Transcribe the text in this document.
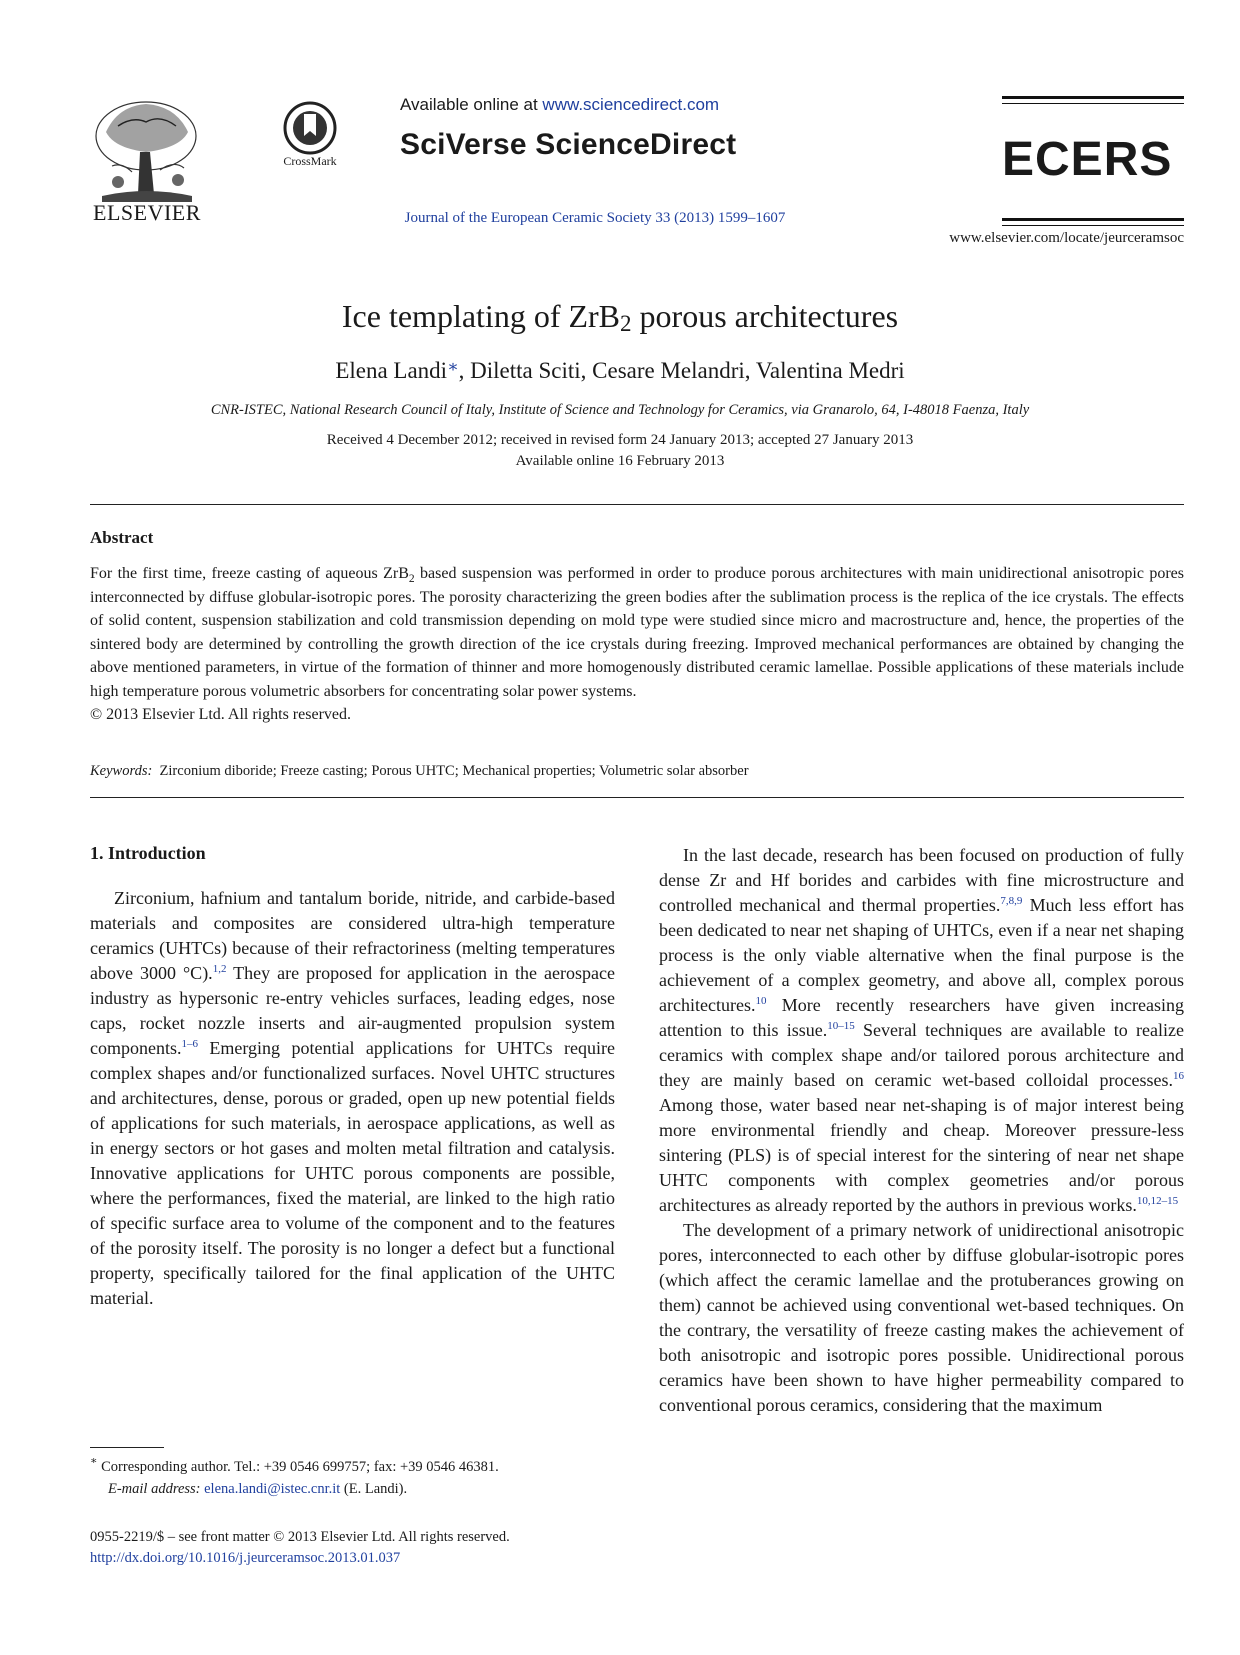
ELSEVIER
CrossMark
Available online at www.sciencedirect.com
SciVerse ScienceDirect
Journal of the European Ceramic Society 33 (2013) 1599–1607
ECERS
www.elsevier.com/locate/jeurceramsoc
Ice templating of ZrB$_2$ porous architectures
Elena Landi∗, Diletta Sciti, Cesare Melandri, Valentina Medri
CNR-ISTEC, National Research Council of Italy, Institute of Science and Technology for Ceramics, via Granarolo, 64, I-48018 Faenza, Italy
Received 4 December 2012; received in revised form 24 January 2013; accepted 27 January 2013
Available online 16 February 2013
Abstract

For the first time, freeze casting of aqueous ZrB$_2$ based suspension was performed in order to produce porous architectures with main unidirectional anisotropic pores interconnected by diffuse globular-isotropic pores. The porosity characterizing the green bodies after the sublimation process is the replica of the ice crystals. The effects of solid content, suspension stabilization and cold transmission depending on mold type were studied since micro and macrostructure and, hence, the properties of the sintered body are determined by controlling the growth direction of the ice crystals during freezing. Improved mechanical performances are obtained by changing the above mentioned parameters, in virtue of the formation of thinner and more homogenously distributed ceramic lamellae. Possible applications of these materials include high temperature porous volumetric absorbers for concentrating solar power systems.

© 2013 Elsevier Ltd. All rights reserved.

Keywords: Zirconium diboride; Freeze casting; Porous UHTC; Mechanical properties; Volumetric solar absorber
1. Introduction

Zirconium, hafnium and tantalum boride, nitride, and carbide-based materials and composites are considered ultra-high temperature ceramics (UHTCs) because of their refractoriness (melting temperatures above 3000 °C).$^{1,2}$ They are proposed for application in the aerospace industry as hypersonic re-entry vehicles surfaces, leading edges, nose caps, rocket nozzle inserts and air-augmented propulsion system components.$^{1-6}$ Emerging potential applications for UHTCs require complex shapes and/or functionalized surfaces. Novel UHTC structures and architectures, dense, porous or graded, open up new potential fields of applications for such materials, in aerospace applications, as well as in energy sectors or hot gases and molten metal filtration and catalysis. Innovative applications for UHTC porous components are possible, where the performances, fixed the material, are linked to the high ratio of specific surface area to volume of the component and to the features of the porosity itself. The porosity is no longer a defect but a functional property, specifically tailored for the final application of the UHTC material.

In the last decade, research has been focused on production of fully dense Zr and Hf borides and carbides with fine microstructure and controlled mechanical and thermal properties.$^{7,8,9}$ Much less effort has been dedicated to near net shaping of UHTCs, even if a near net shaping process is the only viable alternative when the final purpose is the achievement of a complex geometry, and above all, complex porous architectures.$^{10}$ More recently researchers have given increasing attention to this issue.$^{10-15}$ Several techniques are available to realize ceramics with complex shape and/or tailored porous architecture and they are mainly based on ceramic wet-based colloidal processes.$^{16}$ Among those, water based near net-shaping is of major interest being more environmental friendly and cheap. Moreover pressure-less sintering (PLS) is of special interest for the sintering of near net shape UHTC components with complex geometries and/or porous architectures as already reported by the authors in previous works.$^{10,12-15}$

The development of a primary network of unidirectional anisotropic pores, interconnected to each other by diffuse globular-isotropic pores (which affect the ceramic lamellae and the protuberances growing on them) cannot be achieved using conventional wet-based techniques. On the contrary, the versatility of freeze casting makes the achievement of both anisotropic and isotropic pores possible. Unidirectional porous ceramics have been shown to have higher permeability compared to conventional porous ceramics, considering that the maximum

∗ Corresponding author. Tel.: +39 0546 699757; fax: +39 0546 46381.
E-mail address: elena.landi@istec.cnr.it (E. Landi).
0955-2219/$ – see front matter © 2013 Elsevier Ltd. All rights reserved.
http://dx.doi.org/10.1016/j.jeurceramsoc.2013.01.037
